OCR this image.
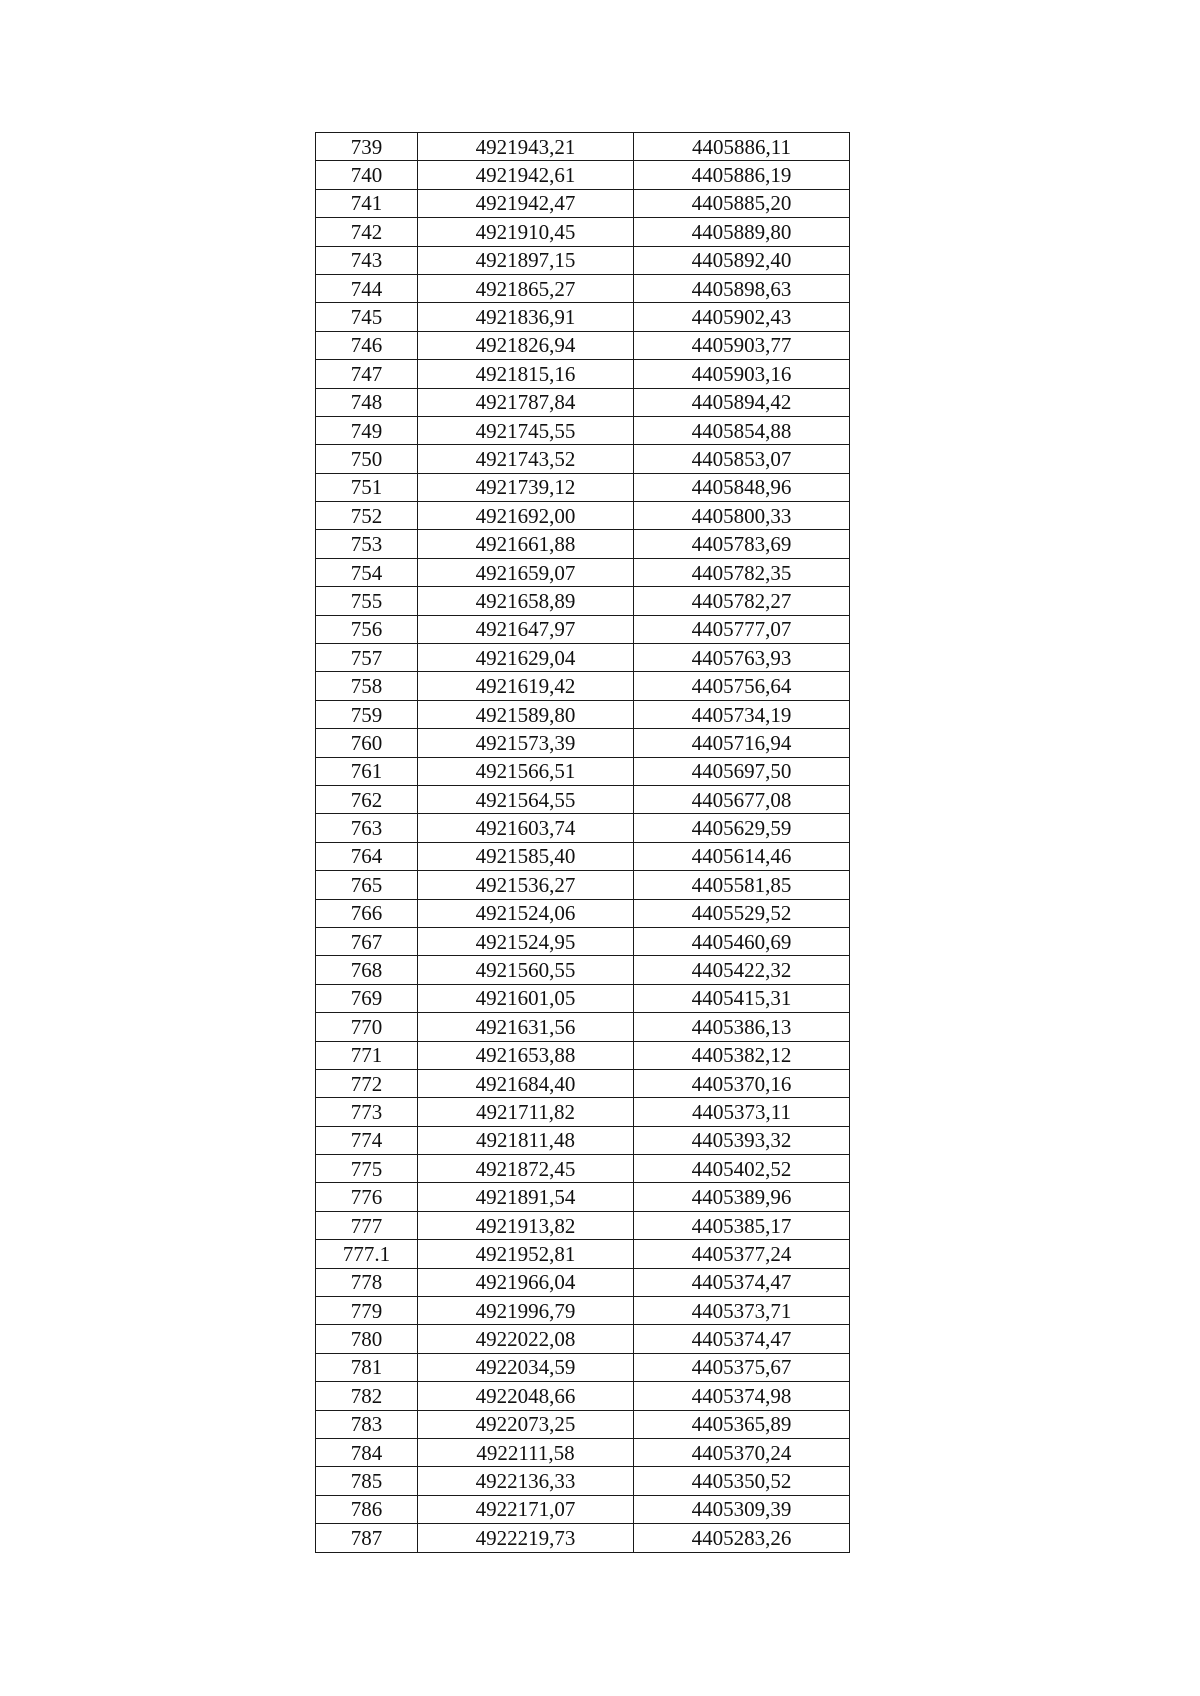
739	4921943,21	4405886,11
740	4921942,61	4405886,19
741	4921942,47	4405885,20
742	4921910,45	4405889,80
743	4921897,15	4405892,40
744	4921865,27	4405898,63
745	4921836,91	4405902,43
746	4921826,94	4405903,77
747	4921815,16	4405903,16
748	4921787,84	4405894,42
749	4921745,55	4405854,88
750	4921743,52	4405853,07
751	4921739,12	4405848,96
752	4921692,00	4405800,33
753	4921661,88	4405783,69
754	4921659,07	4405782,35
755	4921658,89	4405782,27
756	4921647,97	4405777,07
757	4921629,04	4405763,93
758	4921619,42	4405756,64
759	4921589,80	4405734,19
760	4921573,39	4405716,94
761	4921566,51	4405697,50
762	4921564,55	4405677,08
763	4921603,74	4405629,59
764	4921585,40	4405614,46
765	4921536,27	4405581,85
766	4921524,06	4405529,52
767	4921524,95	4405460,69
768	4921560,55	4405422,32
769	4921601,05	4405415,31
770	4921631,56	4405386,13
771	4921653,88	4405382,12
772	4921684,40	4405370,16
773	4921711,82	4405373,11
774	4921811,48	4405393,32
775	4921872,45	4405402,52
776	4921891,54	4405389,96
777	4921913,82	4405385,17
777.1	4921952,81	4405377,24
778	4921966,04	4405374,47
779	4921996,79	4405373,71
780	4922022,08	4405374,47
781	4922034,59	4405375,67
782	4922048,66	4405374,98
783	4922073,25	4405365,89
784	4922111,58	4405370,24
785	4922136,33	4405350,52
786	4922171,07	4405309,39
787	4922219,73	4405283,26
